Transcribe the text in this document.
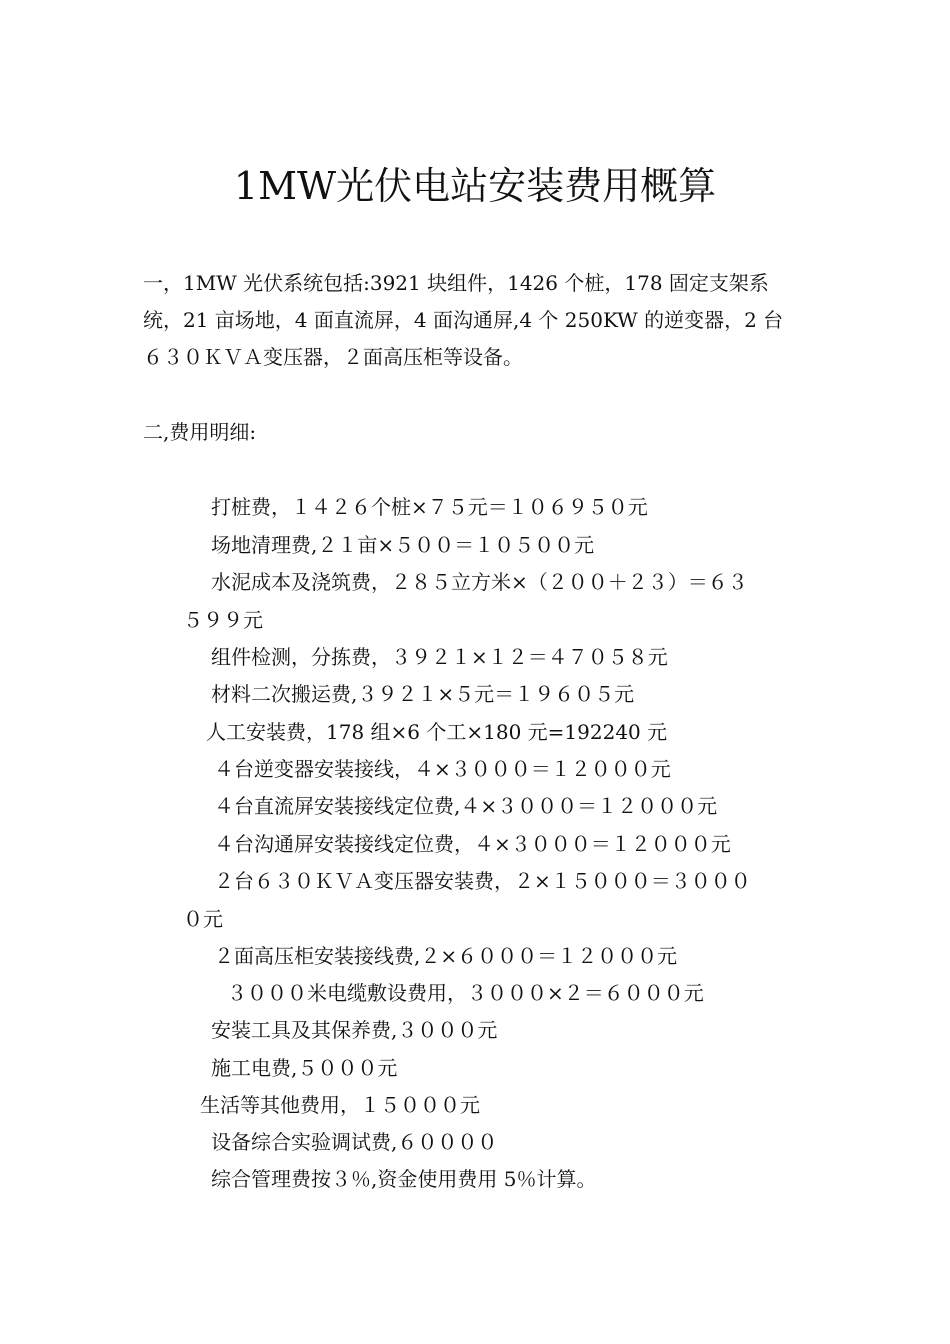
1MW光伏电站安装费用概算
一，1MW 光伏系统包括:3921 块组件，1426 个桩，178 固定支架系
统，21 亩场地，4 面直流屏，4 面沟通屏,4 个 250KW 的逆变器，2 台
６３０ＫＶＡ变压器，２面高压柜等设备。
二,费用明细:
打桩费，１４２６个桩×７５元＝１０６９５０元
场地清理费,２１亩×５００＝１０５００元
水泥成本及浇筑费，２８５立方米×（２００＋２３）＝６３
５９９元
组件检测，分拣费，３９２１×１２＝４７０５８元
材料二次搬运费,３９２１×５元＝１９６０５元
人工安装费，178 组×6 个工×180 元=192240 元
４台逆变器安装接线，４×３０００＝１２０００元
４台直流屏安装接线定位费,４×３０００＝１２０００元
４台沟通屏安装接线定位费，４×３０００＝１２０００元
２台６３０ＫＶＡ变压器安装费，２×１５０００＝３０００
０元
２面高压柜安装接线费,２×６０００＝１２０００元
３０００米电缆敷设费用，３０００×２＝６０００元
安装工具及其保养费,３０００元
施工电费,５０００元
生活等其他费用，１５０００元
设备综合实验调试费,６００００
综合管理费按３％,资金使用费用 5％计算。
